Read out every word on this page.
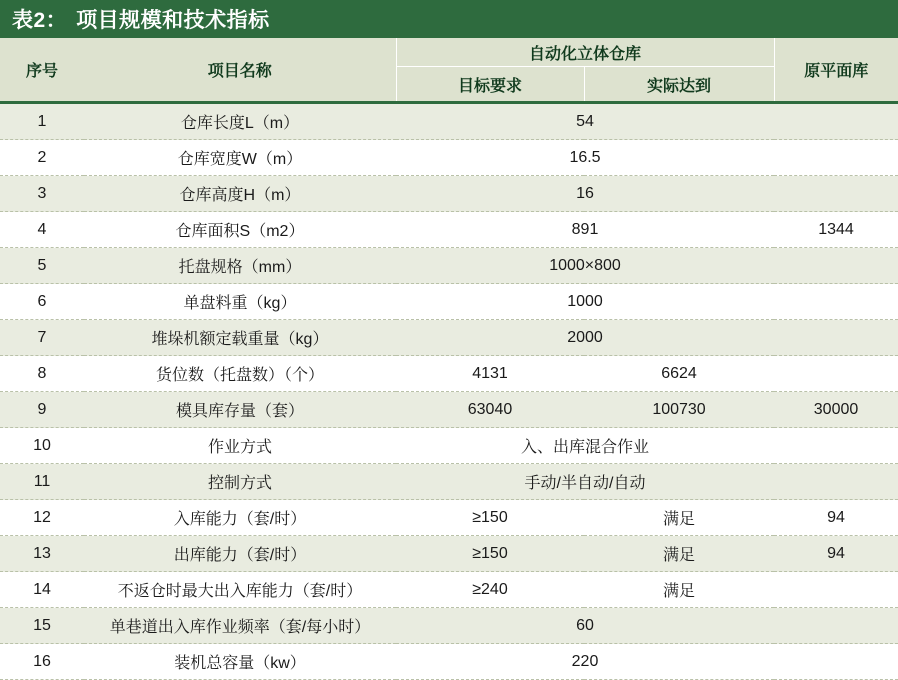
表2： 项目规模和技术指标
序号	项目名称	自动化立体仓库		原平面库
		目标要求	实际达到	
1	仓库长度L（m）	54		
2	仓库宽度W（m）	16.5		
3	仓库高度H（m）	16		
4	仓库面积S（m2）	891		1344
5	托盘规格（mm）	1000×800		
6	单盘料重（kg）	1000		
7	堆垛机额定载重量（kg）	2000		
8	货位数（托盘数）（个）	4131	6624	
9	模具库存量（套）	63040	100730	30000
10	作业方式	入、出库混合作业		
11	控制方式	手动/半自动/自动		
12	入库能力（套/时）	≥150	满足	94
13	出库能力（套/时）	≥150	满足	94
14	不返仓时最大出入库能力（套/时）	≥240	满足	
15	单巷道出入库作业频率（套/每小时）	60		
16	装机总容量（kw）	220		
